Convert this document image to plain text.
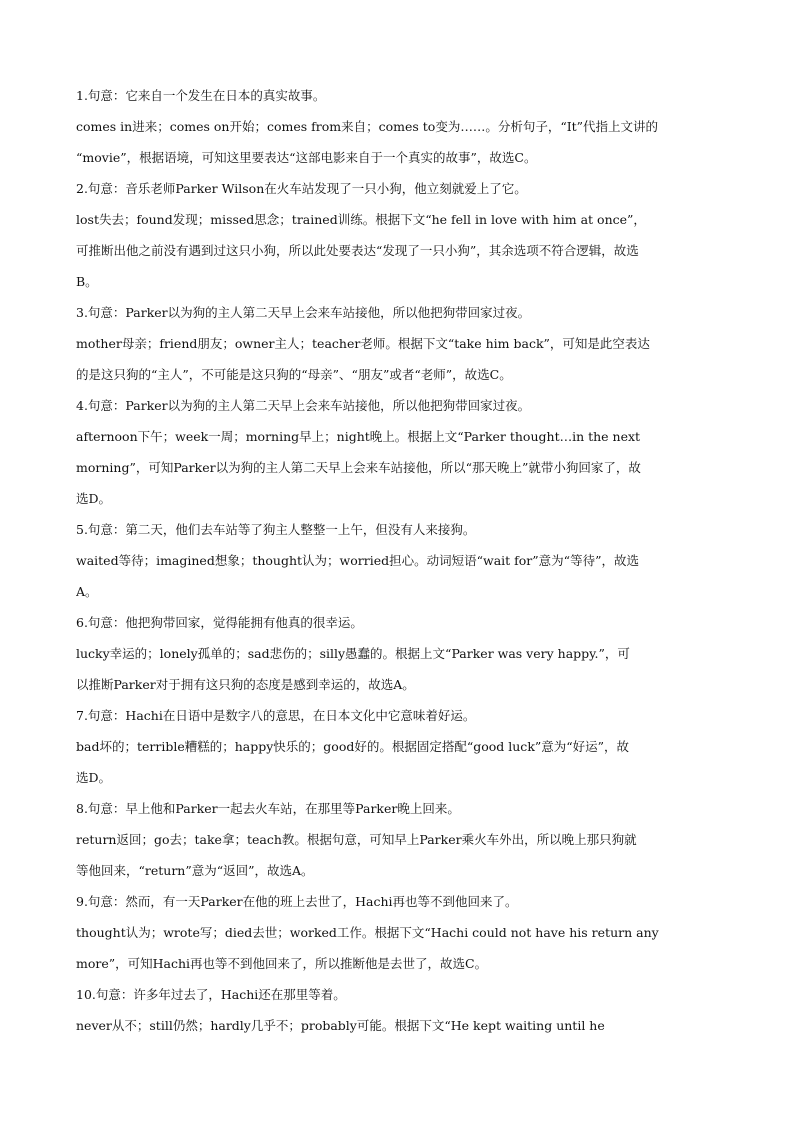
1.句意：它来自一个发生在日本的真实故事。
comes in进来；comes on开始；comes from来自；comes to变为……。分析句子，“It”代指上文讲的
“movie”，根据语境，可知这里要表达“这部电影来自于一个真实的故事”，故选C。
2.句意：音乐老师Parker Wilson在火车站发现了一只小狗，他立刻就爱上了它。
lost失去；found发现；missed思念；trained训练。根据下文“he fell in love with him at once”，
可推断出他之前没有遇到过这只小狗，所以此处要表达“发现了一只小狗”，其余选项不符合逻辑，故选
B。
3.句意：Parker以为狗的主人第二天早上会来车站接他，所以他把狗带回家过夜。
mother母亲；friend朋友；owner主人；teacher老师。根据下文“take him back”，可知是此空表达
的是这只狗的“主人”，不可能是这只狗的“母亲”、“朋友”或者“老师”，故选C。
4.句意：Parker以为狗的主人第二天早上会来车站接他，所以他把狗带回家过夜。
afternoon下午；week一周；morning早上；night晚上。根据上文“Parker thought…in the next
morning”，可知Parker以为狗的主人第二天早上会来车站接他，所以“那天晚上”就带小狗回家了，故
选D。
5.句意：第二天，他们去车站等了狗主人整整一上午，但没有人来接狗。
waited等待；imagined想象；thought认为；worried担心。动词短语“wait for”意为“等待”，故选
A。
6.句意：他把狗带回家，觉得能拥有他真的很幸运。
lucky幸运的；lonely孤单的；sad悲伤的；silly愚蠢的。根据上文“Parker was very happy.”，可
以推断Parker对于拥有这只狗的态度是感到幸运的，故选A。
7.句意：Hachi在日语中是数字八的意思，在日本文化中它意味着好运。
bad坏的；terrible糟糕的；happy快乐的；good好的。根据固定搭配“good luck”意为“好运”，故
选D。
8.句意：早上他和Parker一起去火车站，在那里等Parker晚上回来。
return返回；go去；take拿；teach教。根据句意，可知早上Parker乘火车外出，所以晚上那只狗就
等他回来，“return”意为“返回”，故选A。
9.句意：然而，有一天Parker在他的班上去世了，Hachi再也等不到他回来了。
thought认为；wrote写；died去世；worked工作。根据下文“Hachi could not have his return any
more”，可知Hachi再也等不到他回来了，所以推断他是去世了，故选C。
10.句意：许多年过去了，Hachi还在那里等着。
never从不；still仍然；hardly几乎不；probably可能。根据下文“He kept waiting until he
